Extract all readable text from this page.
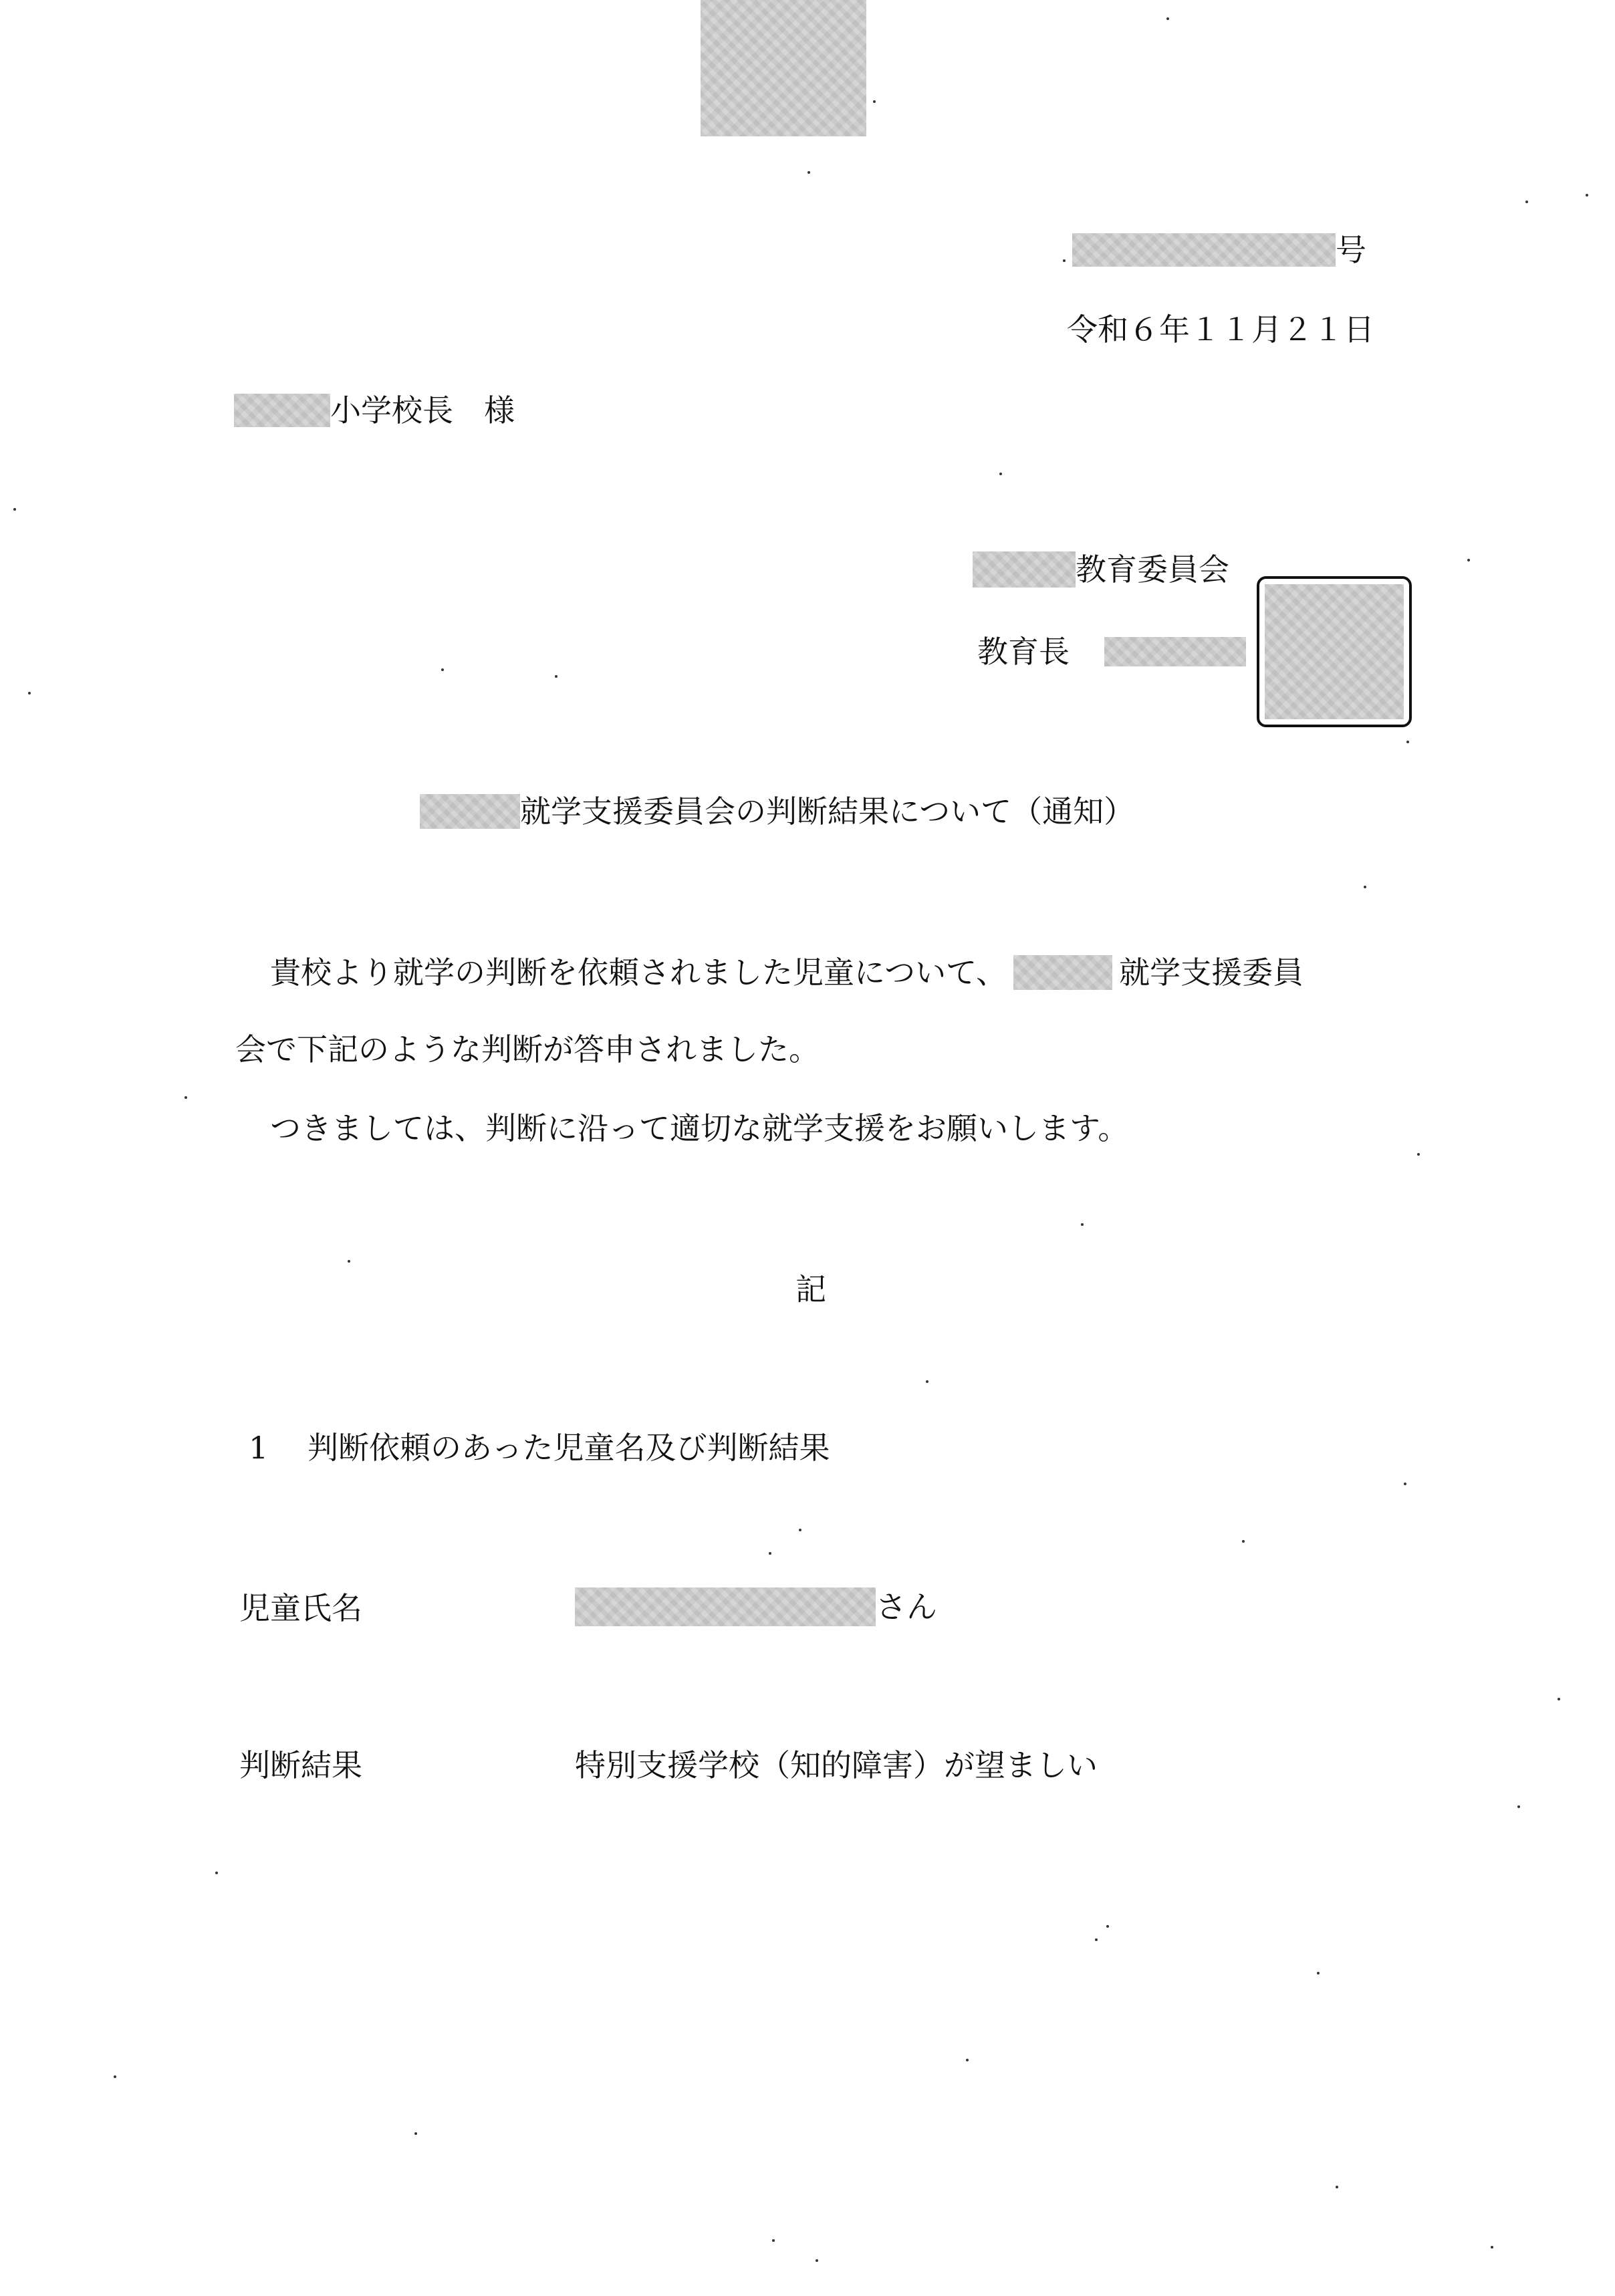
号
令和６年１１月２１日
小学校長　様
教育委員会
教育長
就学支援委員会の判断結果について（通知）
貴校より就学の判断を依頼されました児童について、	就学支援委員
会で下記のような判断が答申されました。
つきましては、判断に沿って適切な就学支援をお願いします。
記
1 判断依頼のあった児童名及び判断結果
児童氏名	さん
判断結果	特別支援学校（知的障害）が望ましい
